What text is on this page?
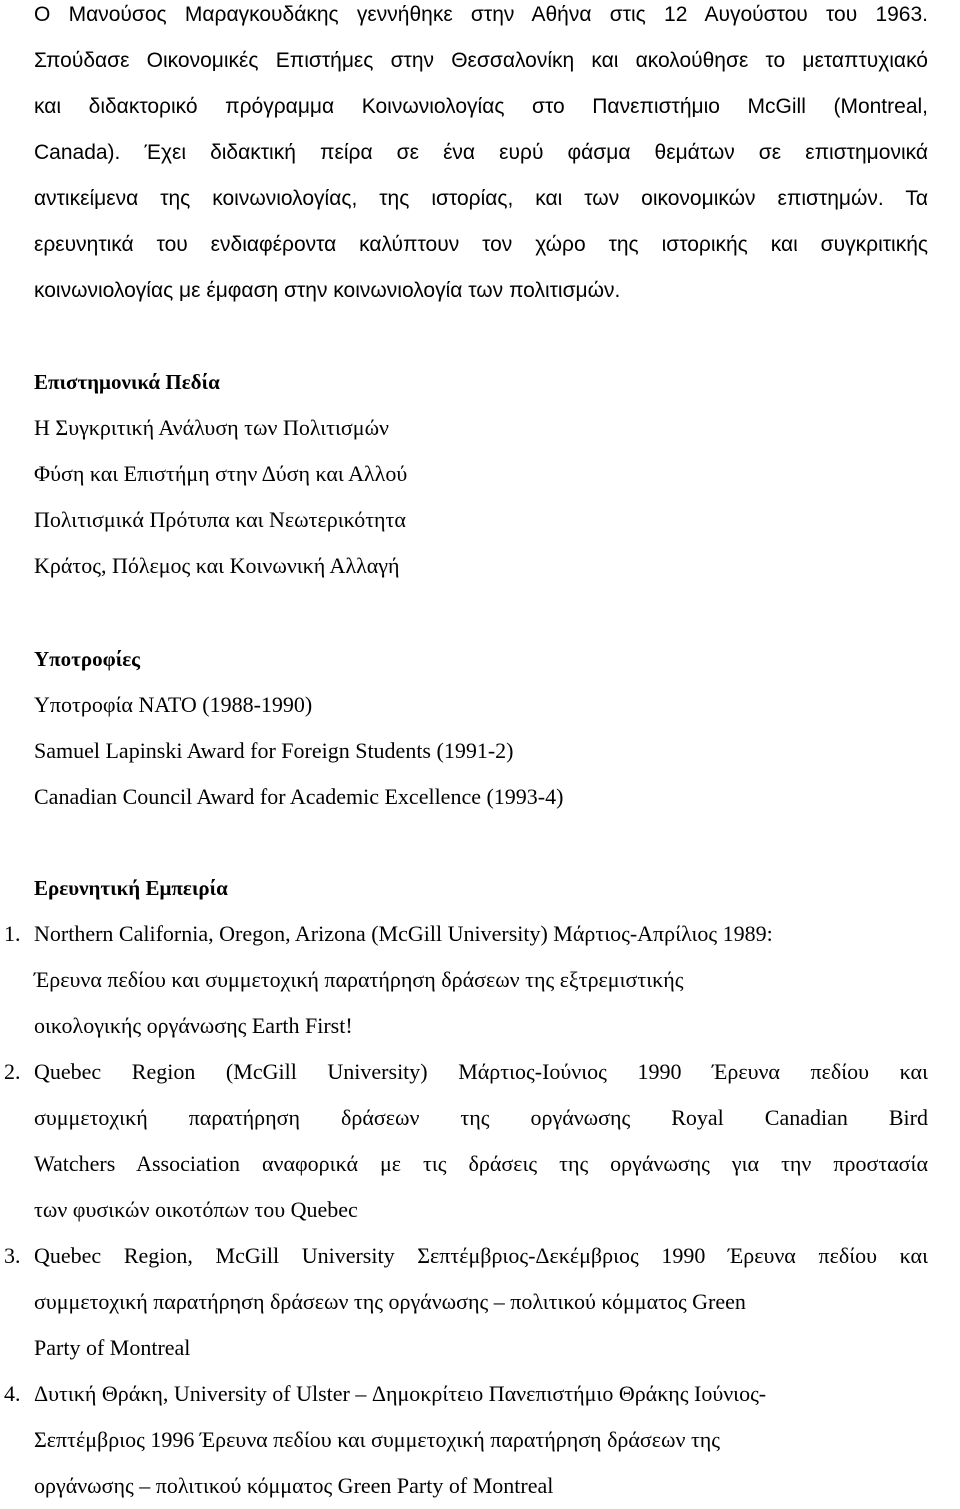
Ο Μανούσος Μαραγκουδάκης γεννήθηκε στην Αθήνα στις 12 Αυγούστου του 1963.
Σπούδασε Οικονομικές Επιστήμες στην Θεσσαλονίκη και ακολούθησε το μεταπτυχιακό
και διδακτορικό πρόγραμμα Κοινωνιολογίας στο Πανεπιστήμιο McGill (Montreal,
Canada). Έχει διδακτική πείρα σε ένα ευρύ φάσμα θεμάτων σε επιστημονικά
αντικείμενα της κοινωνιολογίας, της ιστορίας, και των οικονομικών επιστημών. Τα
ερευνητικά του ενδιαφέροντα καλύπτουν τον χώρο της ιστορικής και συγκριτικής
κοινωνιολογίας με έμφαση στην κοινωνιολογία των πολιτισμών.

Επιστημονικά Πεδία

Η Συγκριτική Ανάλυση των Πολιτισμών

Φύση και Επιστήμη στην Δύση και Αλλού

Πολιτισμικά Πρότυπα και Νεωτερικότητα

Κράτος, Πόλεμος και Κοινωνική Αλλαγή

Υποτροφίες

Υποτροφία ΝΑΤΟ (1988-1990)

Samuel Lapinski Award for Foreign Students (1991-2)

Canadian Council Award for Academic Excellence (1993-4)

Ερευνητική Εμπειρία

1. Northern California, Oregon, Arizona (McGill University) Μάρτιος-Απρίλιος 1989:
Έρευνα πεδίου και συμμετοχική παρατήρηση δράσεων της εξτρεμιστικής
οικολογικής οργάνωσης Earth First!
2. Quebec Region (McGill University) Μάρτιος-Ιούνιος 1990 Έρευνα πεδίου και
συμμετοχική παρατήρηση δράσεων της οργάνωσης Royal Canadian Bird
Watchers Association αναφορικά με τις δράσεις της οργάνωσης για την προστασία
των φυσικών οικοτόπων του Quebec
3. Quebec Region, McGill University Σεπτέμβριος-Δεκέμβριος 1990 Έρευνα πεδίου και
συμμετοχική παρατήρηση δράσεων της οργάνωσης – πολιτικού κόμματος Green
Party of Montreal
4. Δυτική Θράκη, University of Ulster – Δημοκρίτειο Πανεπιστήμιο Θράκης Ιούνιος-
Σεπτέμβριος 1996 Έρευνα πεδίου και συμμετοχική παρατήρηση δράσεων της
οργάνωσης – πολιτικού κόμματος Green Party of Montreal
